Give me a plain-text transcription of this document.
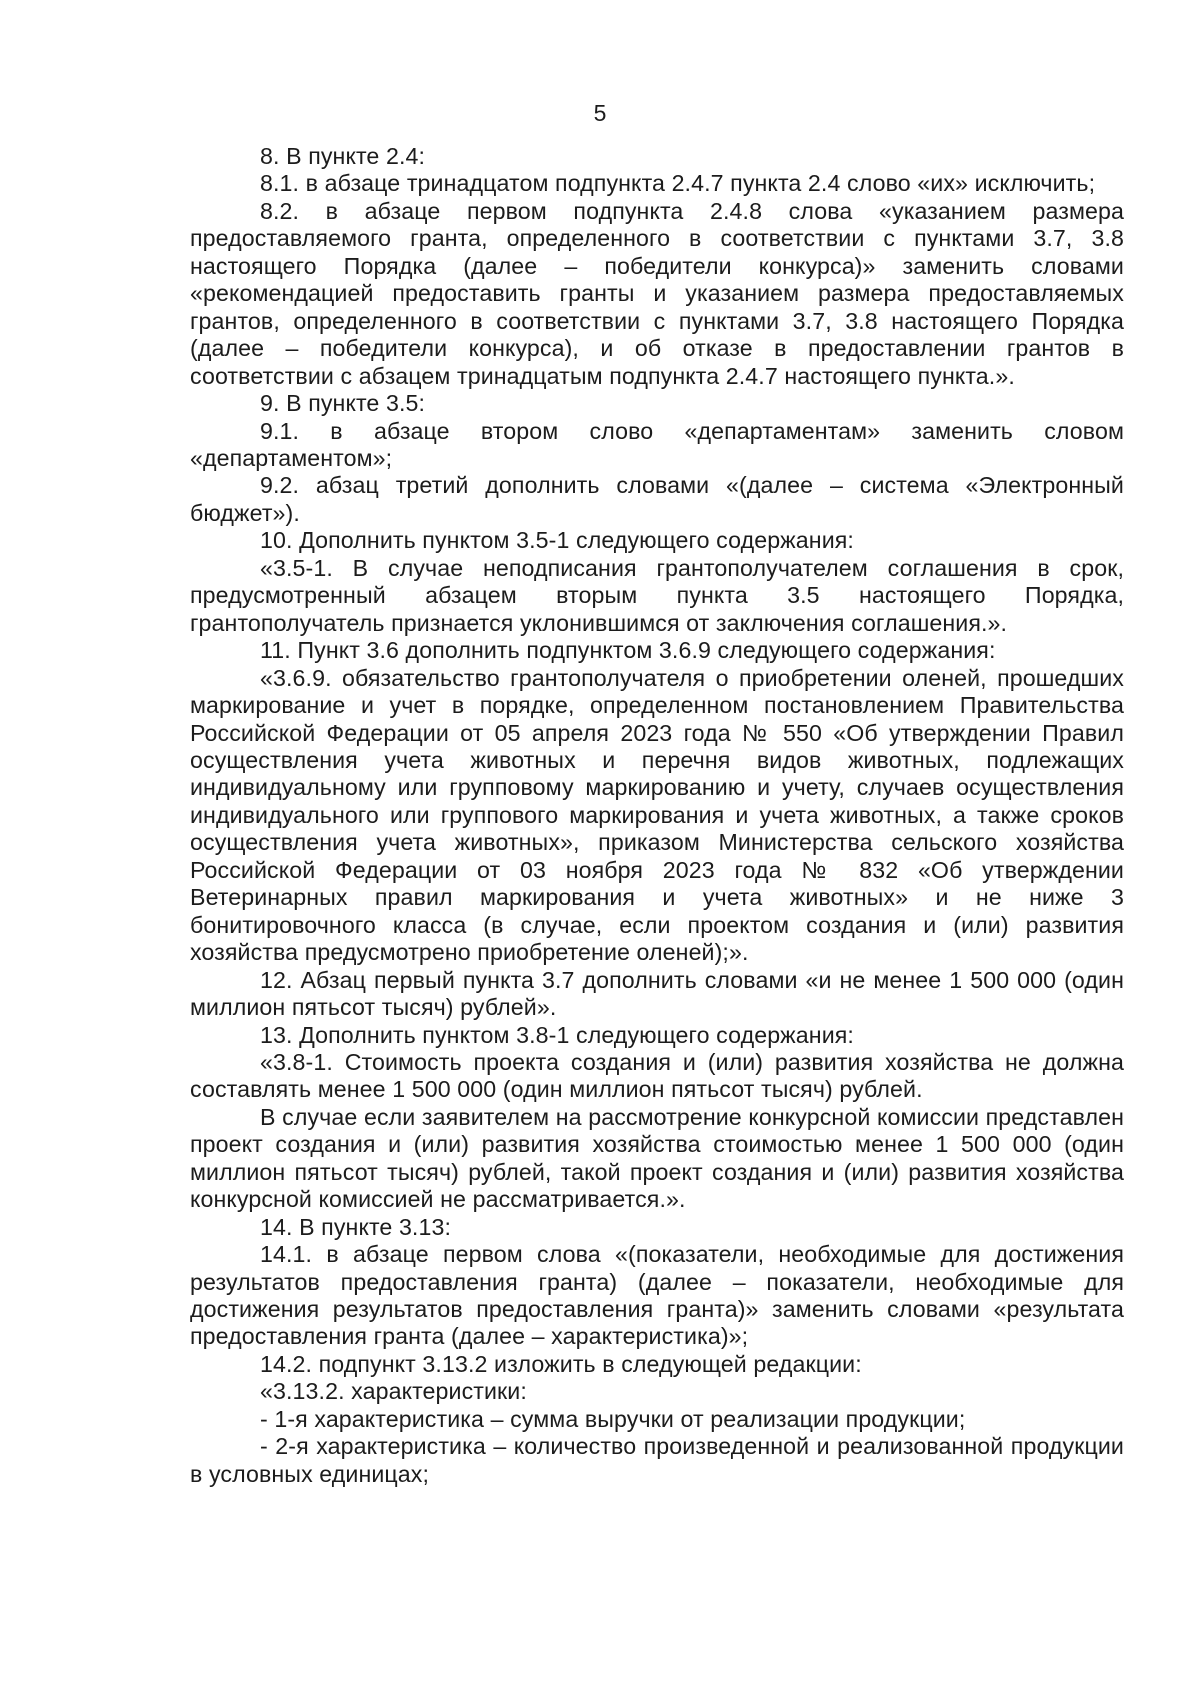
5

8. В пункте 2.4:

8.1. в абзаце тринадцатом подпункта 2.4.7 пункта 2.4 слово «их» исключить;

8.2. в абзаце первом подпункта 2.4.8 слова «указанием размера предоставляемого гранта, определенного в соответствии с пунктами 3.7, 3.8 настоящего Порядка (далее – победители конкурса)» заменить словами «рекомендацией предоставить гранты и указанием размера предоставляемых грантов, определенного в соответствии с пунктами 3.7, 3.8 настоящего Порядка (далее – победители конкурса), и об отказе в предоставлении грантов в соответствии с абзацем тринадцатым подпункта 2.4.7 настоящего пункта.».

9. В пункте 3.5:

9.1. в абзаце втором слово «департаментам» заменить словом «департаментом»;

9.2. абзац третий дополнить словами «(далее – система «Электронный бюджет»).

10. Дополнить пунктом 3.5-1 следующего содержания:

«3.5-1. В случае неподписания грантополучателем соглашения в срок, предусмотренный абзацем вторым пункта 3.5 настоящего Порядка, грантополучатель признается уклонившимся от заключения соглашения.».

11. Пункт 3.6 дополнить подпунктом 3.6.9 следующего содержания:

«3.6.9. обязательство грантополучателя о приобретении оленей, прошедших маркирование и учет в порядке, определенном постановлением Правительства Российской Федерации от 05 апреля 2023 года № 550 «Об утверждении Правил осуществления учета животных и перечня видов животных, подлежащих индивидуальному или групповому маркированию и учету, случаев осуществления индивидуального или группового маркирования и учета животных, а также сроков осуществления учета животных», приказом Министерства сельского хозяйства Российской Федерации от 03 ноября 2023 года № 832 «Об утверждении Ветеринарных правил маркирования и учета животных» и не ниже 3 бонитировочного класса (в случае, если проектом создания и (или) развития хозяйства предусмотрено приобретение оленей);».

12. Абзац первый пункта 3.7 дополнить словами «и не менее 1 500 000 (один миллион пятьсот тысяч) рублей».

13. Дополнить пунктом 3.8-1 следующего содержания:

«3.8-1. Стоимость проекта создания и (или) развития хозяйства не должна составлять менее 1 500 000 (один миллион пятьсот тысяч) рублей.

В случае если заявителем на рассмотрение конкурсной комиссии представлен проект создания и (или) развития хозяйства стоимостью менее 1 500 000 (один миллион пятьсот тысяч) рублей, такой проект создания и (или) развития хозяйства конкурсной комиссией не рассматривается.».

14. В пункте 3.13:

14.1. в абзаце первом слова «(показатели, необходимые для достижения результатов предоставления гранта) (далее – показатели, необходимые для достижения результатов предоставления гранта)» заменить словами «результата предоставления гранта (далее – характеристика)»;

14.2. подпункт 3.13.2 изложить в следующей редакции:

«3.13.2. характеристики:

- 1-я характеристика – сумма выручки от реализации продукции;

- 2-я характеристика – количество произведенной и реализованной продукции в условных единицах;
